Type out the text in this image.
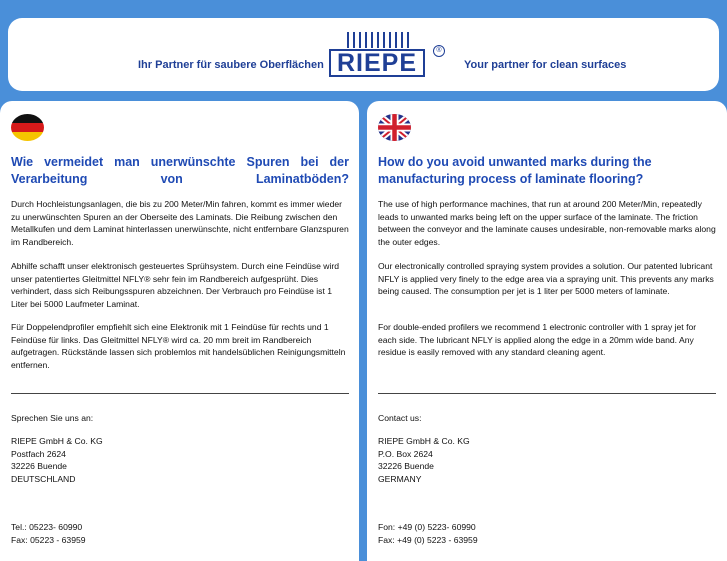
Ihr Partner für saubere Oberflächen RIEPE	®
Your partner for clean surfaces
Wie vermeidet man unerwünschte Spuren bei der Verarbeitung von Laminatböden?

Durch Hochleistungsanlagen, die bis zu 200 Meter/Min fahren, kommt es immer wieder zu unerwünschten Spuren an der Oberseite des Laminats. Die Reibung zwischen den Metallkufen und dem Laminat hinterlassen unerwünschte, nicht entfernbare Glanzspuren im Randbereich.

Abhilfe schafft unser elektronisch gesteuertes Sprühsystem. Durch eine Feindüse wird unser patentiertes Gleitmittel NFLY® sehr fein im Randbereich aufgesprüht. Dies verhindert, dass sich Reibungsspuren abzeichnen. Der Verbrauch pro Feindüse ist 1 Liter bei 5000 Laufmeter Laminat.

Für Doppelendprofiler empfiehlt sich eine Elektronik mit 1 Feindüse für rechts und 1 Feindüse für links. Das Gleitmittel NFLY® wird ca. 20 mm breit im Randbereich aufgetragen. Rückstände lassen sich problemlos mit handelsüblichen Reinigungsmitteln entfernen.

Sprechen Sie uns an:
RIEPE GmbH & Co. KG
Postfach 2624
32226 Buende
DEUTSCHLAND
Tel.: 05223- 60990
Fax: 05223 - 63959
How do you avoid unwanted marks during the manufacturing process of laminate flooring?

The use of high performance machines, that run at around 200 Meter/Min, repeatedly leads to unwanted marks being left on the upper surface of the laminate. The friction between the conveyor and the laminate causes undesirable, non-removable marks along the outer edges.

Our electronically controlled spraying system provides a solution. Our patented lubricant NFLY is applied very finely to the edge area via a spraying unit. This prevents any marks being caused. The consumption per jet is 1 liter per 5000 meters of laminate.

For double-ended profilers we recommend 1 electronic controller with 1 spray jet for each side. The lubricant NFLY is applied along the edge in a 20mm wide band. Any residue is easily removed with any standard cleaning agent.

Contact us:
RIEPE GmbH & Co. KG
P.O. Box 2624
32226 Buende
GERMANY
Fon: +49 (0) 5223- 60990
Fax: +49 (0) 5223 - 63959
